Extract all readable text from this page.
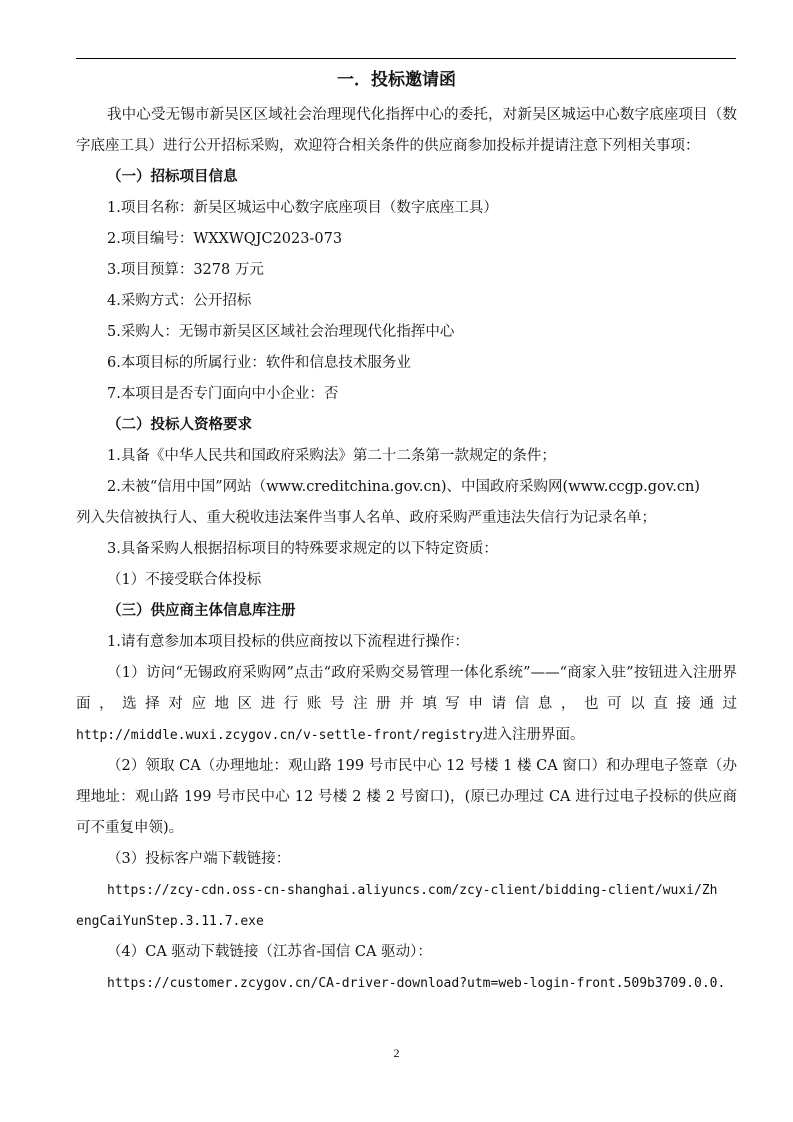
一．投标邀请函

我中心受无锡市新吴区区域社会治理现代化指挥中心的委托，对新吴区城运中心数字底座项目（数字底座工具）进行公开招标采购，欢迎符合相关条件的供应商参加投标并提请注意下列相关事项：

（一）招标项目信息

1.项目名称：新吴区城运中心数字底座项目（数字底座工具）

2.项目编号：WXXWQJC2023-073

3.项目预算：3278 万元

4.采购方式：公开招标

5.采购人：无锡市新吴区区域社会治理现代化指挥中心

6.本项目标的所属行业：软件和信息技术服务业

7.本项目是否专门面向中小企业：否

（二）投标人资格要求

1.具备《中华人民共和国政府采购法》第二十二条第一款规定的条件；

2.未被“信用中国”网站（www.creditchina.gov.cn)、中国政府采购网(www.ccgp.gov.cn)

列入失信被执行人、重大税收违法案件当事人名单、政府采购严重违法失信行为记录名单；

3.具备采购人根据招标项目的特殊要求规定的以下特定资质：

（1）不接受联合体投标

（三）供应商主体信息库注册

1.请有意参加本项目投标的供应商按以下流程进行操作：

（1）访问“无锡政府采购网”点击“政府采购交易管理一体化系统”——“商家入驻”按钮进入注册界面，选择对应地区进行账号注册并填写申请信息，也可以直接通过http://middle.wuxi.zcygov.cn/v-settle-front/registry进入注册界面。

（2）领取 CA（办理地址：观山路 199 号市民中心 12 号楼 1 楼 CA 窗口）和办理电子签章（办理地址：观山路 199 号市民中心 12 号楼 2 楼 2 号窗口)，(原已办理过 CA 进行过电子投标的供应商可不重复申领)。

（3）投标客户端下载链接：

https://zcy-cdn.oss-cn-shanghai.aliyuncs.com/zcy-client/bidding-client/wuxi/Zh

engCaiYunStep.3.11.7.exe

（4）CA 驱动下载链接（江苏省-国信 CA 驱动）：

https://customer.zcygov.cn/CA-driver-download?utm=web-login-front.509b3709.0.0.

2
